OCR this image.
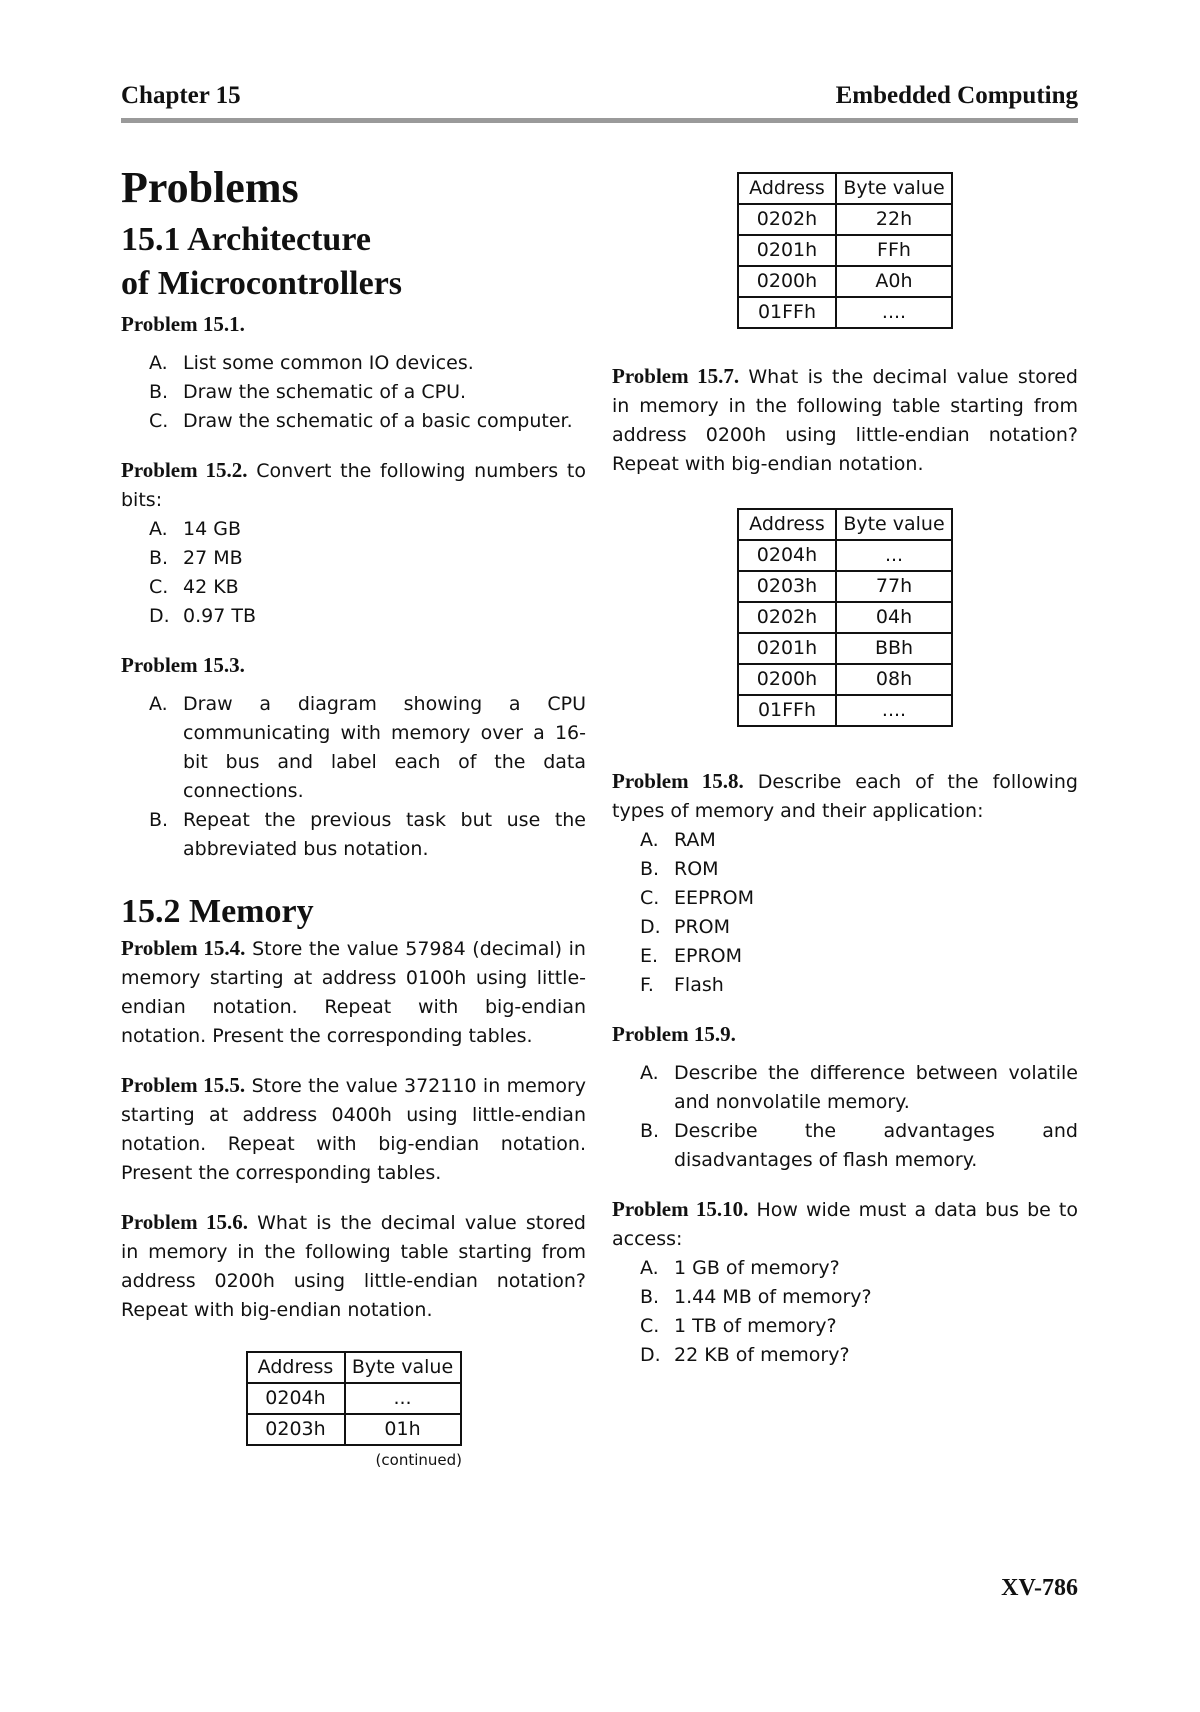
Chapter 15	Embedded Computing
Problems
15.1 Architecture
of Microcontrollers
Problem 15.1.
A. List some common IO devices.
B. Draw the schematic of a CPU.
C. Draw the schematic of a basic computer.

Problem 15.2. Convert the following numbers to bits:

A. 14 GB
B. 27 MB
C. 42 KB
D. 0.97 TB

Problem 15.3.

A. Draw a diagram showing a CPU communicating with memory over a 16-bit bus and label each of the data connections.
B. Repeat the previous task but use the abbreviated bus notation.
15.2 Memory

Problem 15.4. Store the value 57984 (decimal) in memory starting at address 0100h using little-endian notation. Repeat with big-endian notation. Present the corresponding tables.

Problem 15.5. Store the value 372110 in memory starting at address 0400h using little-endian notation. Repeat with big-endian notation. Present the corresponding tables.

Problem 15.6. What is the decimal value stored in memory in the following table starting from address 0200h using little-endian notation? Repeat with big-endian notation.

Address	Byte value
0204h	...
0203h	01h
(continued)
Address	Byte value
0202h	22h
0201h	FFh
0200h	A0h
01FFh	....

Problem 15.7. What is the decimal value stored in memory in the following table starting from address 0200h using little-endian notation? Repeat with big-endian notation.

Address	Byte value
0204h	...
0203h	77h
0202h	04h
0201h	BBh
0200h	08h
01FFh	....

Problem 15.8. Describe each of the following types of memory and their application:

A. RAM
B. ROM
C. EEPROM
D. PROM
E. EPROM
F. Flash

Problem 15.9.

A. Describe the difference between volatile and nonvolatile memory.
B. Describe the advantages and disadvantages of flash memory.

Problem 15.10. How wide must a data bus be to access:

A. 1 GB of memory?
B. 1.44 MB of memory?
C. 1 TB of memory?
D. 22 KB of memory?
XV-786
